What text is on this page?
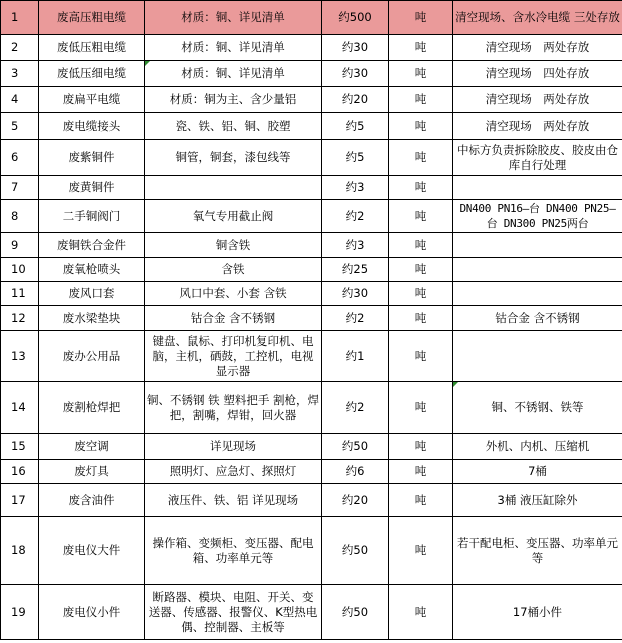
1	废高压粗电缆	材质：铜、详见清单	约500	吨	清空现场、含水冷电缆 三处存放
2	废低压粗电缆	材质：铜、详见清单	约30	吨	清空现场　两处存放
3	废低压细电缆	材质：铜、详见清单	约30	吨	清空现场　四处存放
4	废扁平电缆	材质：铜为主、含少量铝	约20	吨	清空现场　两处存放
5	废电缆接头	瓷、铁、铝、铜、胶塑	约5	吨	清空现场　两处存放
6	废紫铜件	铜管，铜套，漆包线等	约5	吨	中标方负责拆除胶皮、胶皮由仓库自行处理
7	废黄铜件		约3	吨	
8	二手铜阀门	氧气专用截止阀	约2	吨	DN400 PN16—台 DN400 PN25—台 DN300 PN25两台
9	废铜铁合金件	铜含铁	约3	吨	
10	废氧枪喷头	含铁	约25	吨	
11	废风口套	风口中套、小套 含铁	约30	吨	
12	废水梁垫块	钴合金 含不锈钢	约2	吨	钴合金 含不锈钢
13	废办公用品	键盘、鼠标、打印机复印机、电脑，主机，硒鼓，工控机，电视显示器	约1	吨	
14	废割枪焊把	铜、不锈钢 铁 塑料把手 割枪，焊把，割嘴，焊钳，回火器	约2	吨	铜、不锈钢、铁等
15	废空调	详见现场	约50	吨	外机、内机、压缩机
16	废灯具	照明灯、应急灯、探照灯	约6	吨	7桶
17	废含油件	液压件、铁、铝 详见现场	约20	吨	3桶 液压缸除外
18	废电仪大件	操作箱、变频柜、变压器、配电箱、功率单元等	约50	吨	若干配电柜、变压器、功率单元等
19	废电仪小件	断路器、模块、电阻、开关、变送器、传感器、报警仪、K型热电偶、控制器、主板等	约50	吨	17桶小件
